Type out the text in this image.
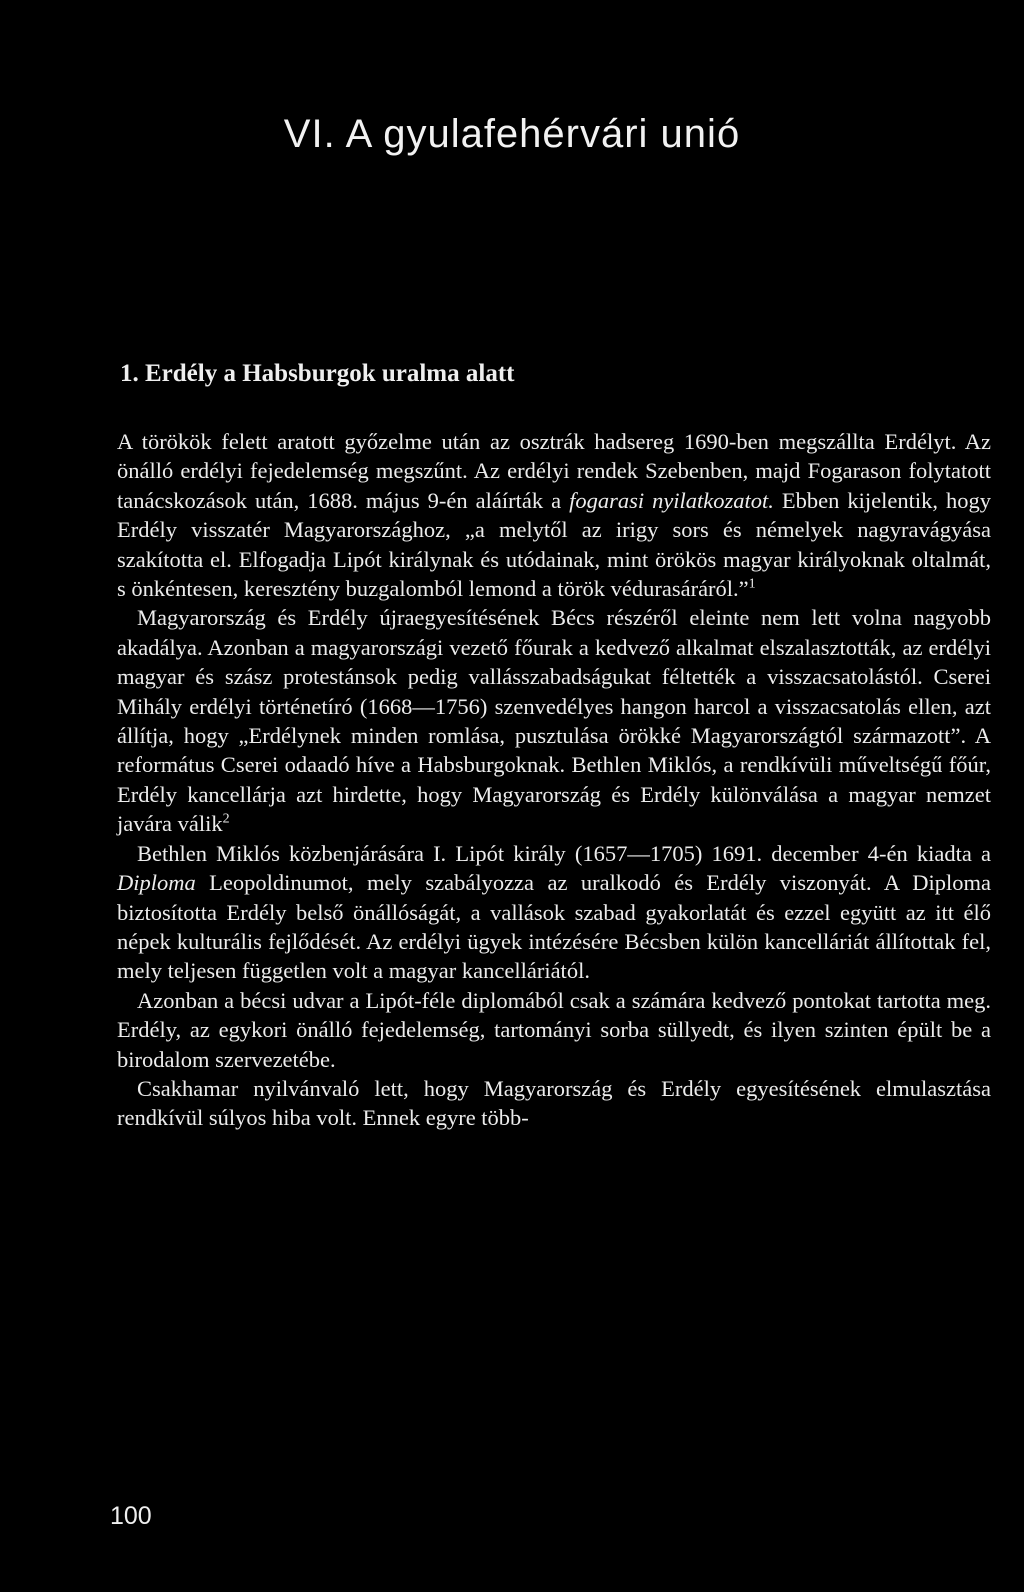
VI. A gyulafehérvári unió
1. Erdély a Habsburgok uralma alatt

A törökök felett aratott győzelme után az osztrák hadsereg 1690-ben megszállta Erdélyt. Az önálló erdélyi fejedelemség megszűnt. Az erdélyi rendek Szebenben, majd Fogarason folytatott tanácskozások után, 1688. május 9-én aláírták a fogarasi nyilatkozatot. Ebben kijelentik, hogy Erdély visszatér Magyarországhoz, „a melytől az irigy sors és némelyek nagyravágyása szakította el. Elfogadja Lipót királynak és utódainak, mint örökös magyar királyoknak oltalmát, s önkéntesen, keresztény buzgalomból lemond a török védurasáráról.”$^1$

Magyarország és Erdély újraegyesítésének Bécs részéről eleinte nem lett volna nagyobb akadálya. Azonban a magyarországi vezető főurak a kedvező alkalmat elszalasztották, az erdélyi magyar és szász protestánsok pedig vallásszabadságukat féltették a visszacsatolástól. Cserei Mihály erdélyi történetíró (1668—1756) szenvedélyes hangon harcol a visszacsatolás ellen, azt állítja, hogy „Erdélynek minden romlása, pusztulása örökké Magyarországtól származott”. A református Cserei odaadó híve a Habsburgoknak. Bethlen Miklós, a rendkívüli műveltségű főúr, Erdély kancellárja azt hirdette, hogy Magyarország és Erdély különválása a magyar nemzet javára válik$^2$

Bethlen Miklós közbenjárására I. Lipót király (1657—1705) 1691. december 4-én kiadta a Diploma Leopoldinumot, mely szabályozza az uralkodó és Erdély viszonyát. A Diploma biztosította Erdély belső önállóságát, a vallások szabad gyakorlatát és ezzel együtt az itt élő népek kulturális fejlődését. Az erdélyi ügyek intézésére Bécsben külön kancelláriát állítottak fel, mely teljesen független volt a magyar kancelláriától.

Azonban a bécsi udvar a Lipót-féle diplomából csak a számára kedvező pontokat tartotta meg. Erdély, az egykori önálló fejedelemség, tartományi sorba süllyedt, és ilyen szinten épült be a birodalom szervezetébe.

Csakhamar nyilvánvaló lett, hogy Magyarország és Erdély egyesítésének elmulasztása rendkívül súlyos hiba volt. Ennek egyre több-

100
